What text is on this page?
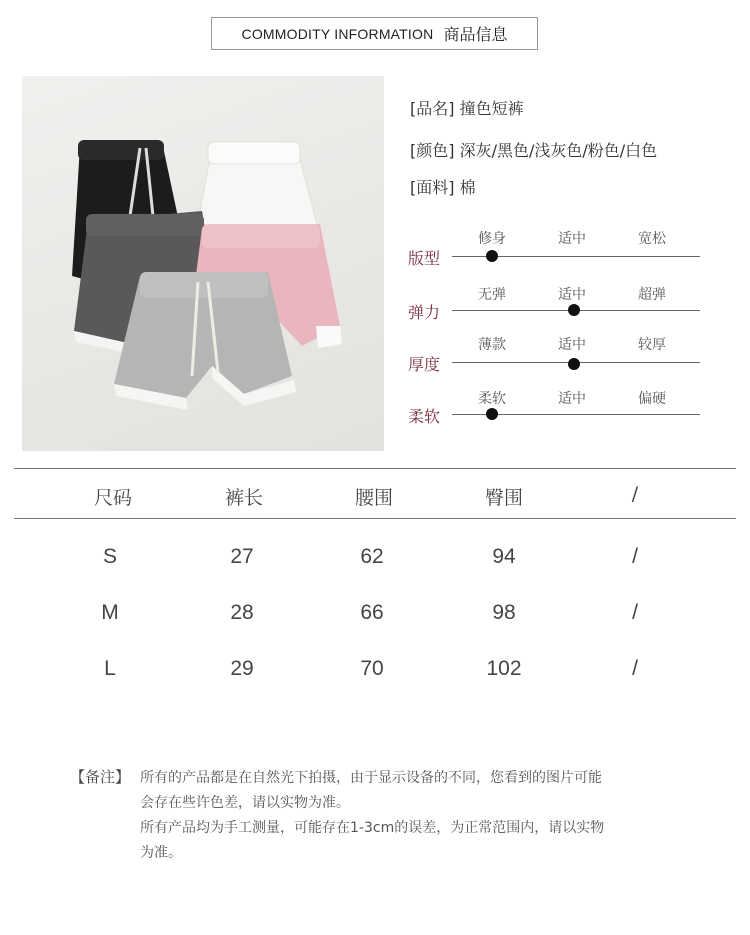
COMMODITY INFORMATION 商品信息
[品名] 撞色短裤
[颜色] 深灰/黑色/浅灰色/粉色/白色
[面料] 棉
版型
修身	适中	宽松
弹力
无弹	适中	超弹
厚度
薄款	适中	较厚
柔软
柔软	适中	偏硬
尺码	裤长	腰围	臀围	/
S	27	62	94	/
M	28	66	98	/
L	29	70	102	/
【备注】 所有的产品都是在自然光下拍摄，由于显示设备的不同，您看到的图片可能
会存在些许色差，请以实物为准。
所有产品均为手工测量，可能存在1-3cm的误差，为正常范围内，请以实物
为准。
